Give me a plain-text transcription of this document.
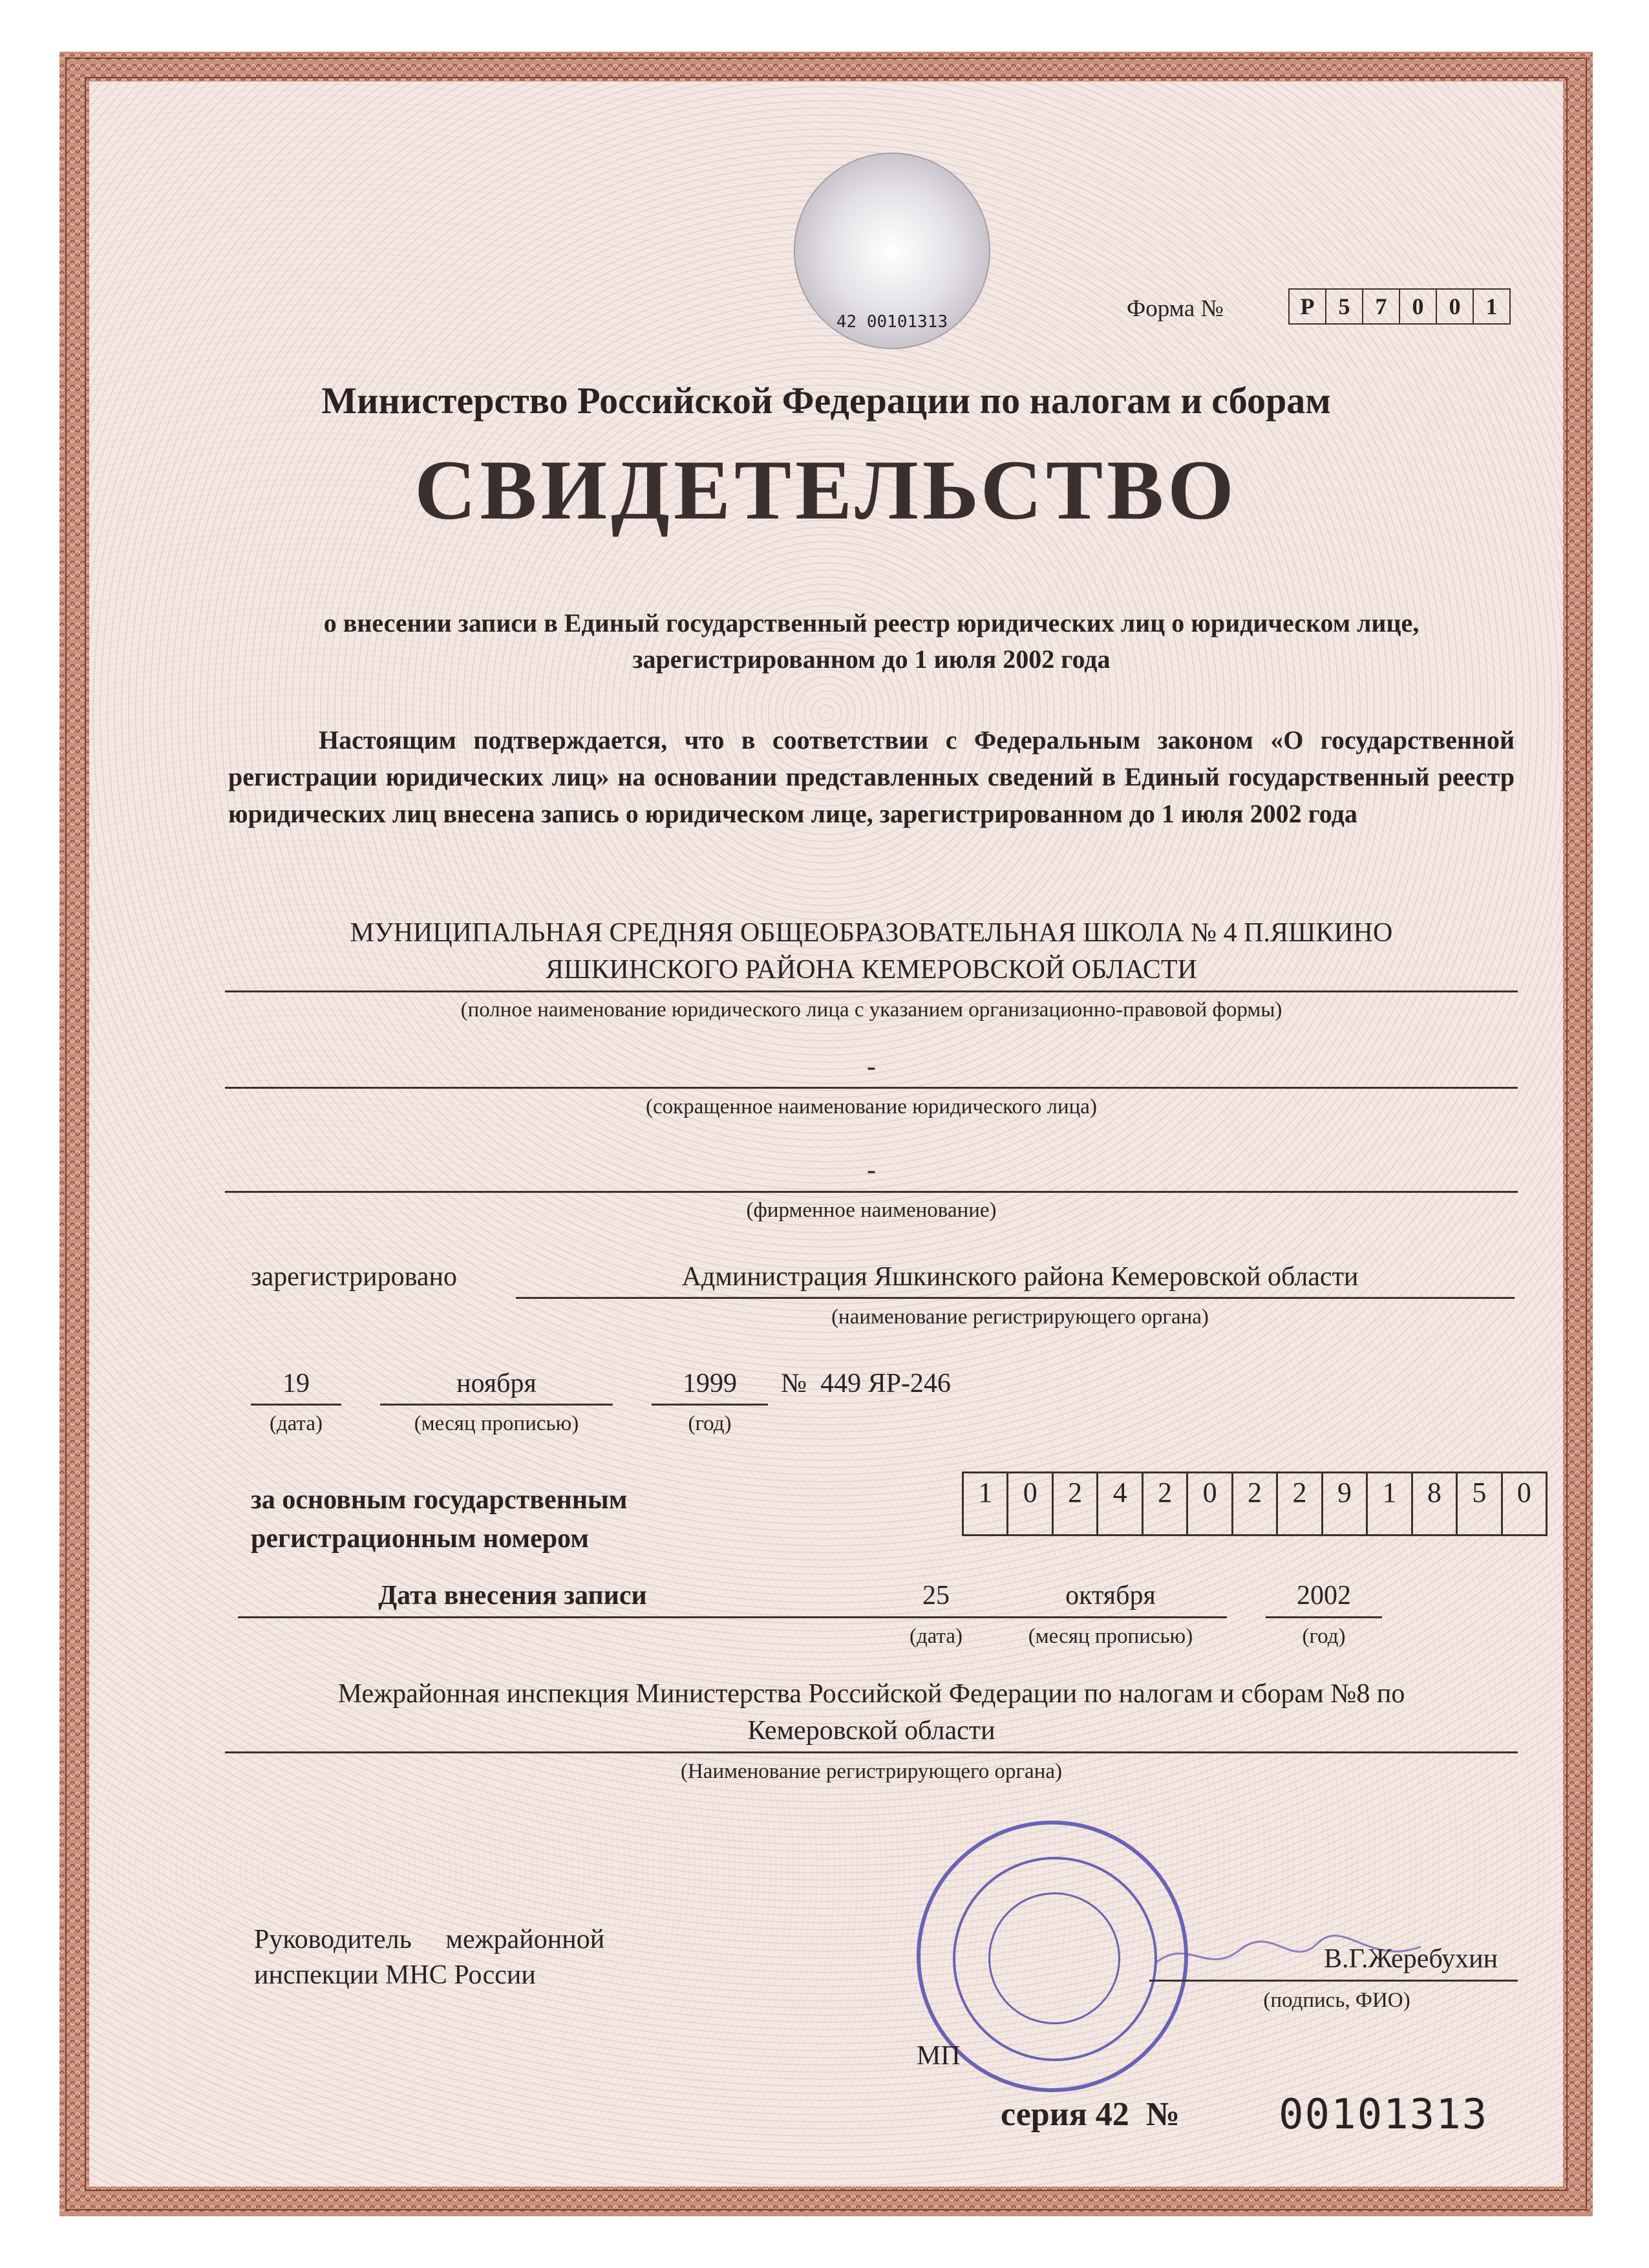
42 00101313	Форма №	Р	5	7	0	0	1
Министерство Российской Федерации по налогам и сборам
СВИДЕТЕЛЬСТВО
о внесении записи в Единый государственный реестр юридических лиц о юридическом лице, зарегистрированном до 1 июля 2002 года
Настоящим подтверждается, что в соответствии с Федеральным законом «О государственной регистрации юридических лиц» на основании представленных сведений в Единый государственный реестр юридических лиц внесена запись о юридическом лице, зарегистрированном до 1 июля 2002 года
МУНИЦИПАЛЬНАЯ СРЕДНЯЯ ОБЩЕОБРАЗОВАТЕЛЬНАЯ ШКОЛА № 4 П.ЯШКИНО
ЯШКИНСКОГО РАЙОНА КЕМЕРОВСКОЙ ОБЛАСТИ
(полное наименование юридического лица с указанием организационно-правовой формы)
-
(сокращенное наименование юридического лица)
-
(фирменное наименование)
зарегистрировано	Администрация Яшкинского района Кемеровской области
(наименование регистрирующего органа)
19
(дата)
ноября
(месяц прописью)
1999
(год)
№  449 ЯР-246
за основным государственным
регистрационным номером
1	0	2	4	2	0	2	2	9	1	8	5	0
Дата внесения записи	25
(дата)
октября
(месяц прописью)
2002
(год)
Межрайонная инспекция Министерства Российской Федерации по налогам и сборам №8 по
Кемеровской области
(Наименование регистрирующего органа)
Руководитель     межрайонной
инспекции МНС России
В.Г.Жеребухин
(подпись, ФИО)
МП
серия 42  № 00101313
